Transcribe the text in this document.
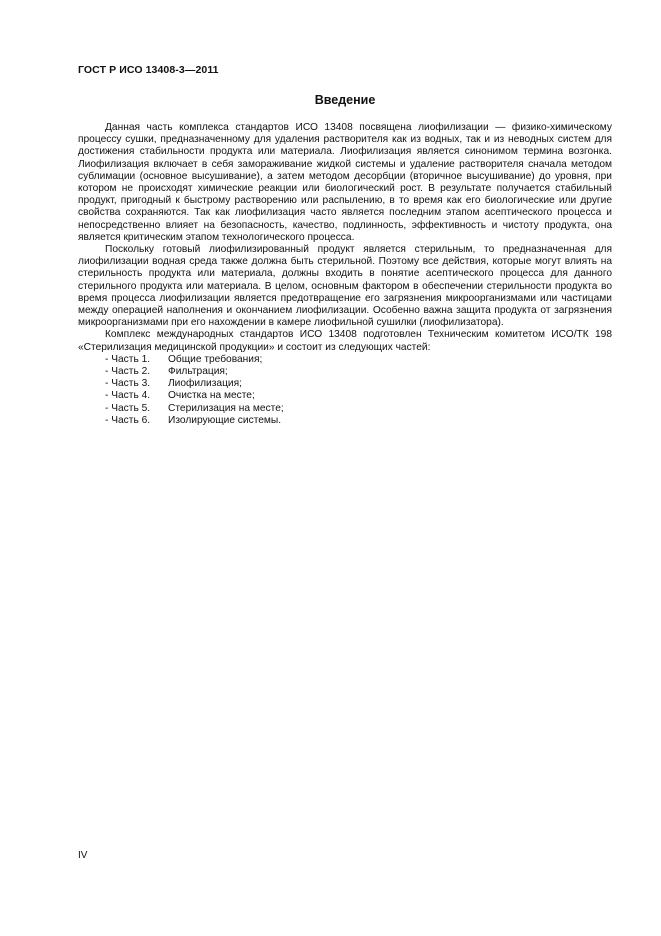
ГОСТ Р ИСО 13408-3—2011
Введение

Данная часть комплекса стандартов ИСО 13408 посвящена лиофилизации — физико-химическому процессу сушки, предназначенному для удаления растворителя как из водных, так и из неводных систем для достижения стабильности продукта или материала. Лиофилизация является синонимом термина возгонка. Лиофилизация включает в себя замораживание жидкой системы и удаление растворителя сначала методом сублимации (основное высушивание), а затем методом десорбции (вторичное высушивание) до уровня, при котором не происходят химические реакции или биологический рост. В результате получается стабильный продукт, пригодный к быстрому растворению или распылению, в то время как его биологические или другие свойства сохраняются. Так как лиофилизация часто является последним этапом асептического процесса и непосредственно влияет на безопасность, качество, подлинность, эффективность и чистоту продукта, она является критическим этапом технологического процесса.

Поскольку готовый лиофилизированный продукт является стерильным, то предназначенная для лиофилизации водная среда также должна быть стерильной. Поэтому все действия, которые могут влиять на стерильность продукта или материала, должны входить в понятие асептического процесса для данного стерильного продукта или материала. В целом, основным фактором в обеспечении стерильности продукта во время процесса лиофилизации является предотвращение его загрязнения микроорганизмами или частицами между операцией наполнения и окончанием лиофилизации. Особенно важна защита продукта от загрязнения микроорганизмами при его нахождении в камере лиофильной сушилки (лиофилизатора).

Комплекс международных стандартов ИСО 13408 подготовлен Техническим комитетом ИСО/ТК 198 «Стерилизация медицинской продукции» и состоит из следующих частей:

- Часть 1. Общие требования;
- Часть 2. Фильтрация;
- Часть 3. Лиофилизация;
- Часть 4. Очистка на месте;
- Часть 5. Стерилизация на месте;
- Часть 6. Изолирующие системы.
IV
